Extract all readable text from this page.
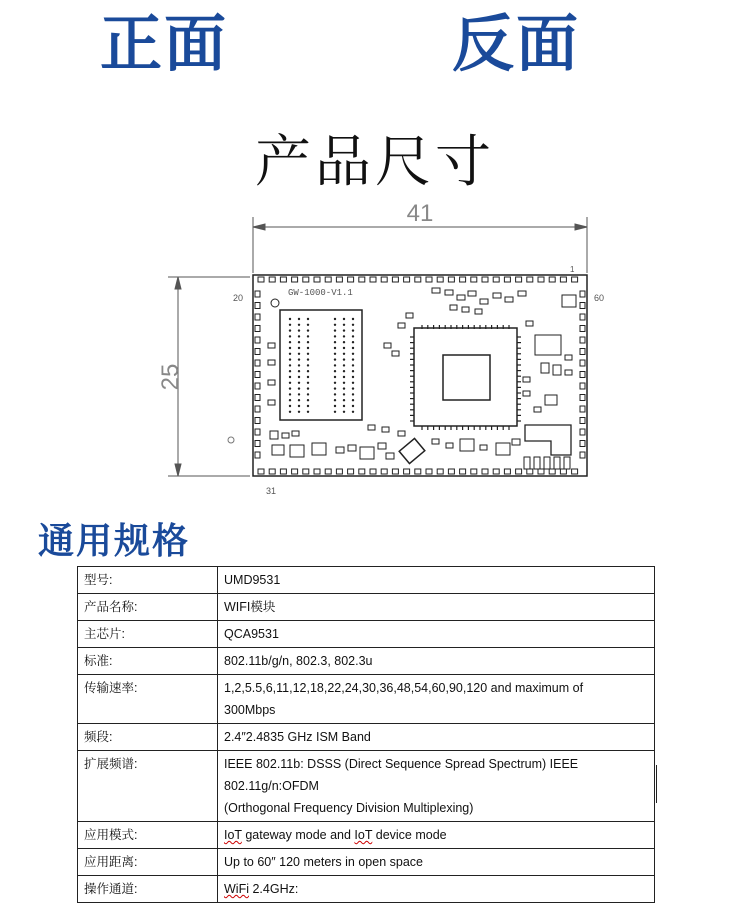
正面	反面
产品尺寸
41
25
20	60
31
1
GW-1000-V1.1
通用规格
型号:	UMD9531
产品名称:	WIFI模块
主芯片:	QCA9531
标准:	802.11b/g/n, 802.3, 802.3u
传输速率:	1,2,5.5,6,11,12,18,22,24,30,36,48,54,60,90,120 and maximum of
300Mbps

频段:	2.4″2.4835 GHz ISM Band
扩展频谱:	IEEE 802.11b: DSSS (Direct Sequence Spread Spectrum) IEEE
802.11g/n:OFDM
(Orthogonal Frequency Division Multiplexing)

应用模式:	IoT gateway mode and IoT device mode
应用距离:	Up to 60″ 120 meters in open space
操作通道:	WiFi 2.4GHz:
